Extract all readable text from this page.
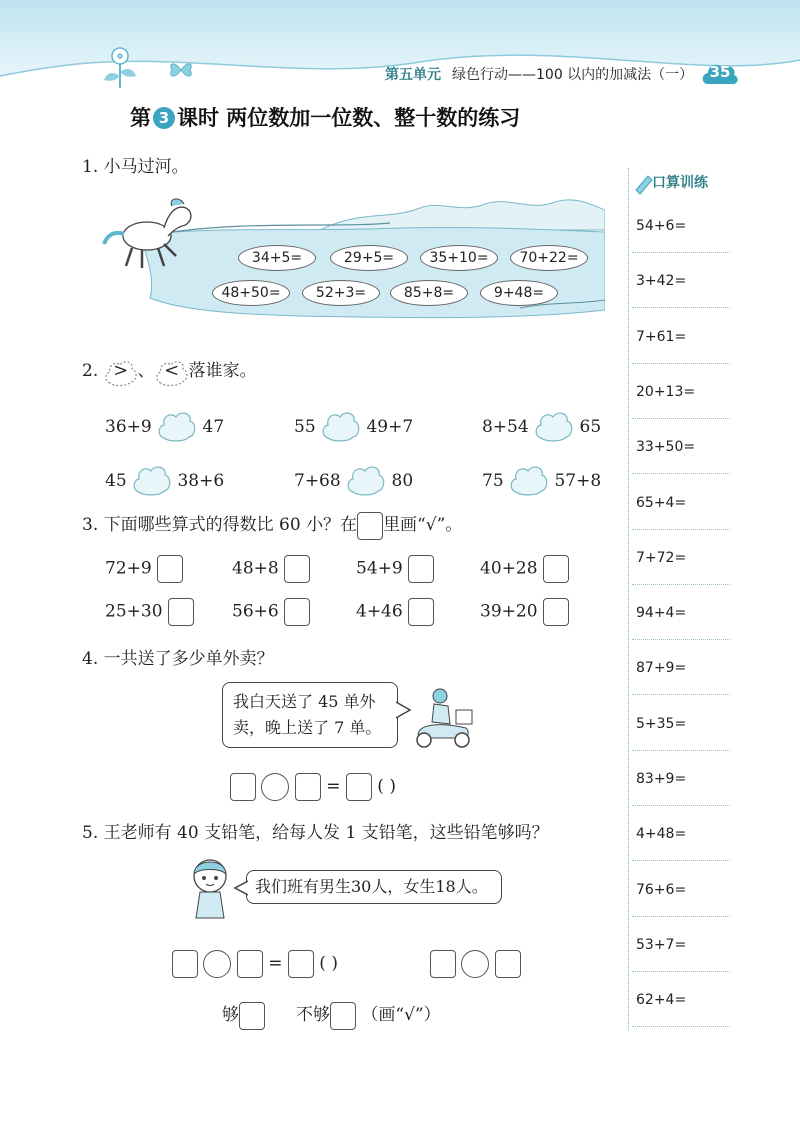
第五单元 绿色行动——100 以内的加减法（一）	35
第 3 课时 两位数加一位数、整十数的练习
1. 小马过河。
34+5=	29+5=	35+10=	70+22=
48+50=	52+3=	85+8=	9+48=
2. > 、 < 落谁家。
36+9	47	55	49+7	8+54	65
45	38+6	7+68	80	75	57+8
3. 下面哪些算式的得数比 60 小？在 里画“√”。
72+9	48+8	54+9	40+28
25+30	56+6	4+46	39+20
4. 一共送了多少单外卖？
我白天送了 45 单外
卖，晚上送了 7 单。
= ( )
5. 王老师有 40 支铅笔，给每人发 1 支铅笔，这些铅笔够吗？
我们班有男生30人，女生18人。
= ( )

够	不够 （画“√”）
口算训练
54+6=
3+42=
7+61=
20+13=
33+50=
65+4=
7+72=
94+4=
87+9=
5+35=
83+9=
4+48=
76+6=
53+7=
62+4=
